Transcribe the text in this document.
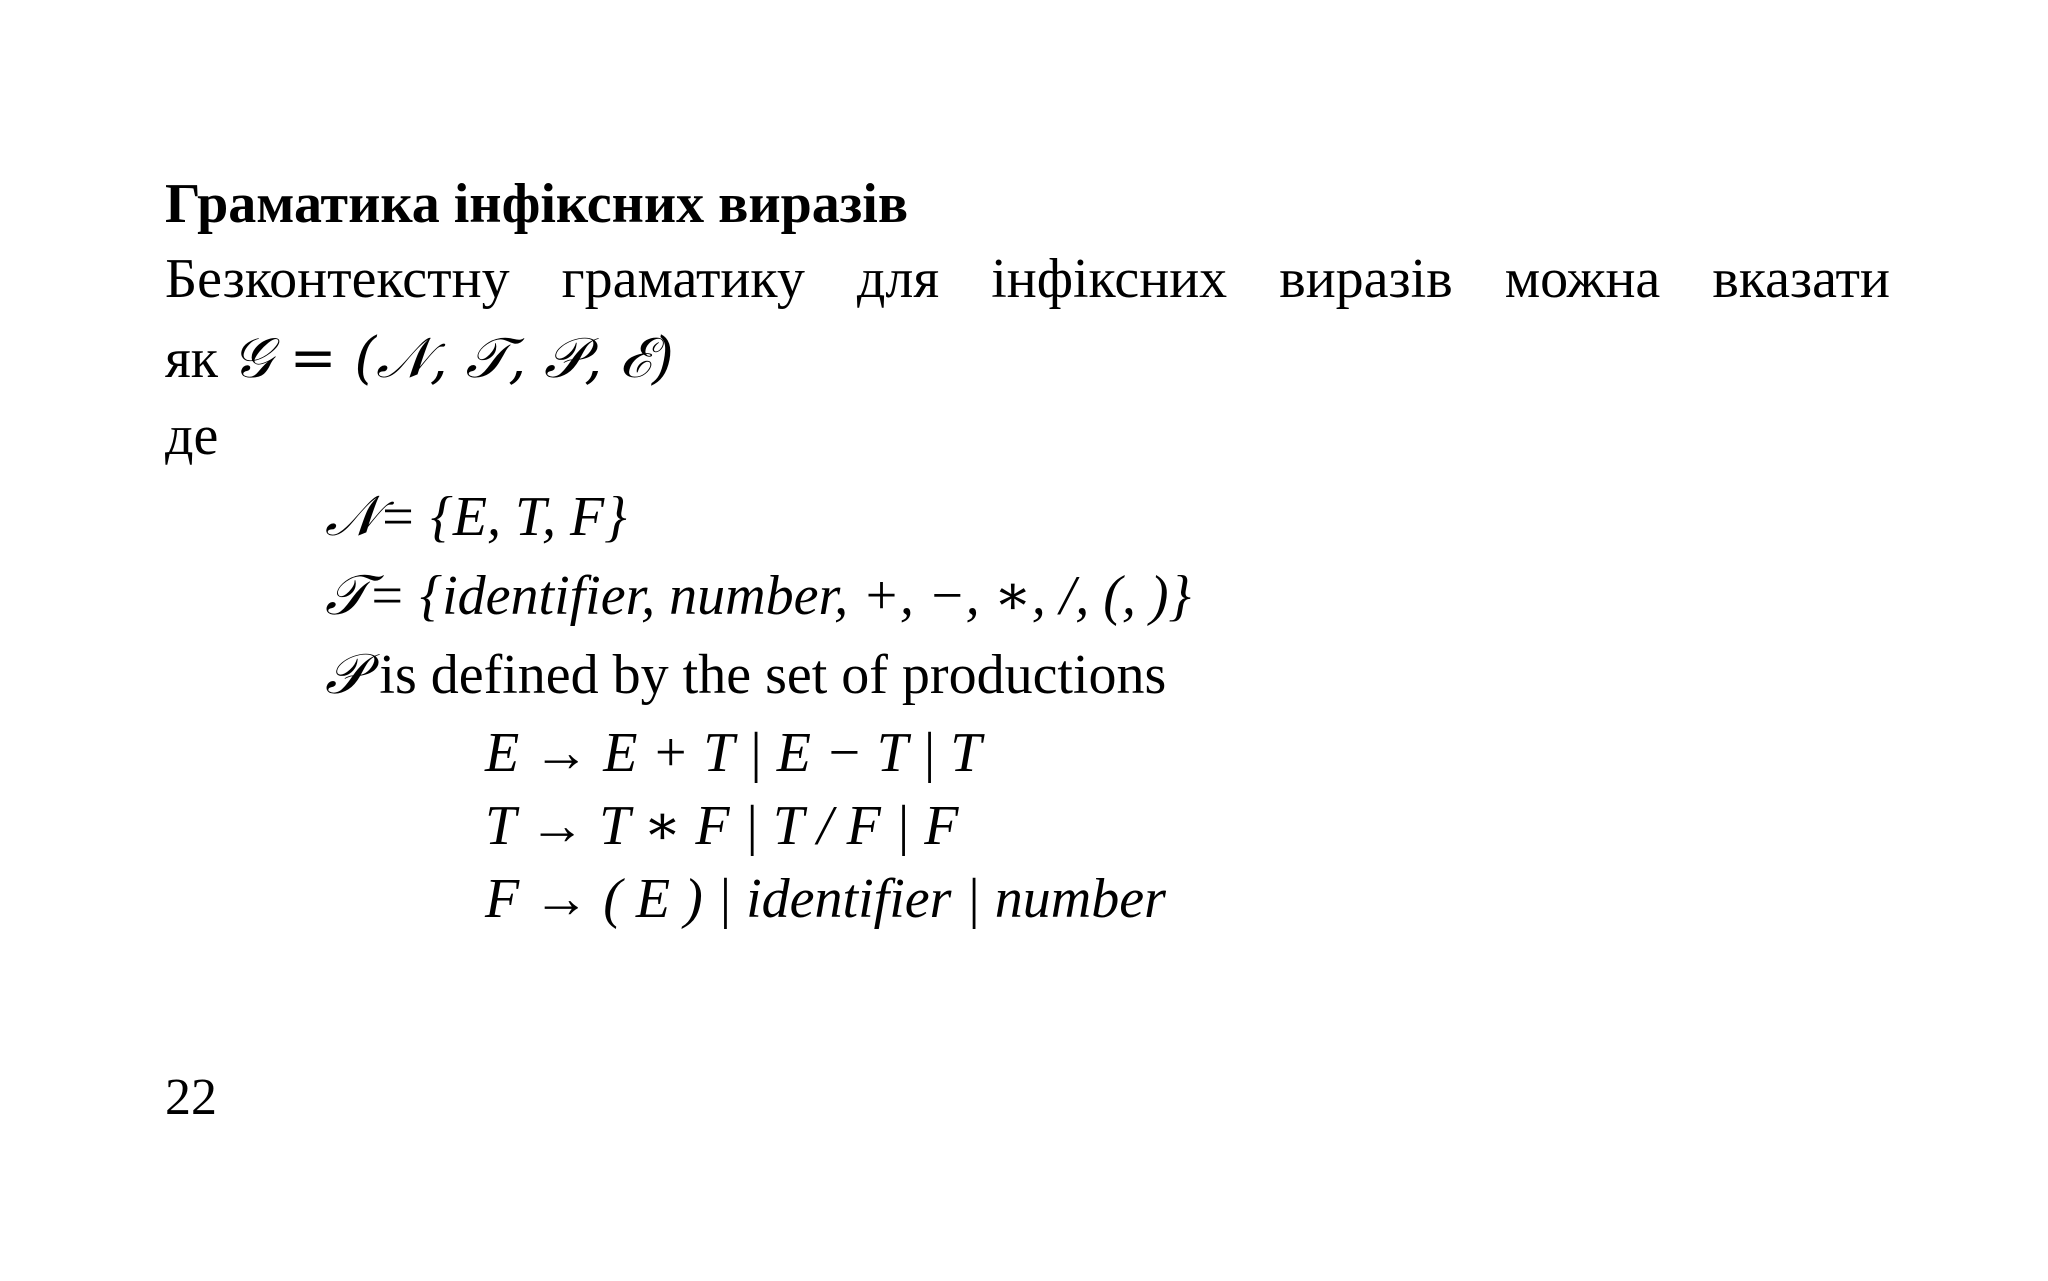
Граматика інфіксних виразів
Безконтекстну граматику для інфіксних виразів можна вказати
як 𝒢 = (𝒩, 𝒯, 𝒫, ℰ)
де
𝒩= {E, T, F}
𝒯= {identifier, number, +, −, ∗, /, (, )}
𝒫 is defined by the set of productions
E → E + T | E − T | T
T → T ∗ F | T / F | F
F → ( E ) | identifier | number
22
